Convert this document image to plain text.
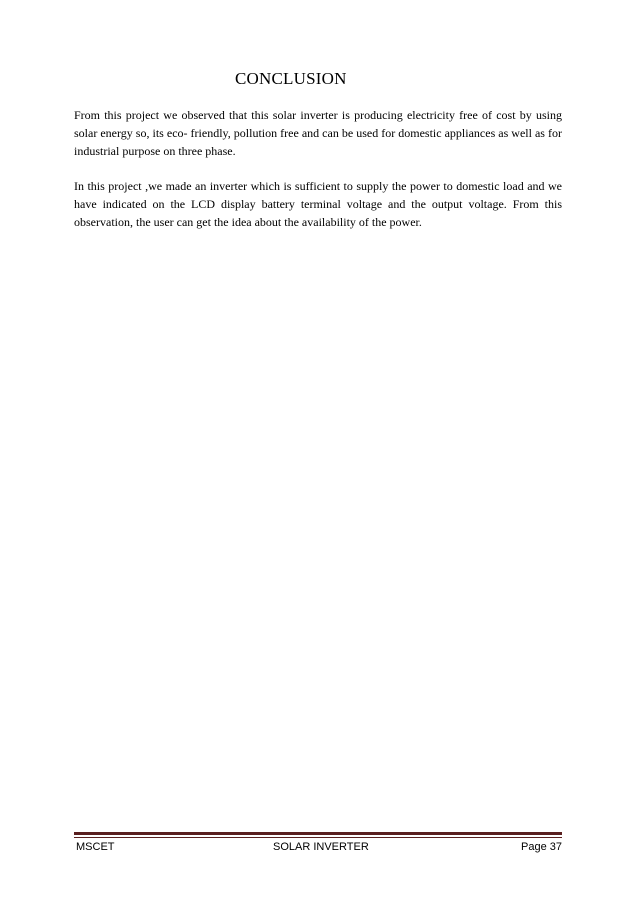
CONCLUSION

From this project we observed that this solar inverter is producing electricity free of cost by using solar energy so, its eco- friendly, pollution free and can be used for domestic appliances as well as for industrial purpose on three phase.

In this project ,we made an inverter which is sufficient to supply the power to domestic load and we have indicated on the LCD display battery terminal voltage and the output voltage. From this observation, the user can get the idea about the availability of the power.

MSCET	SOLAR INVERTER	Page 37
